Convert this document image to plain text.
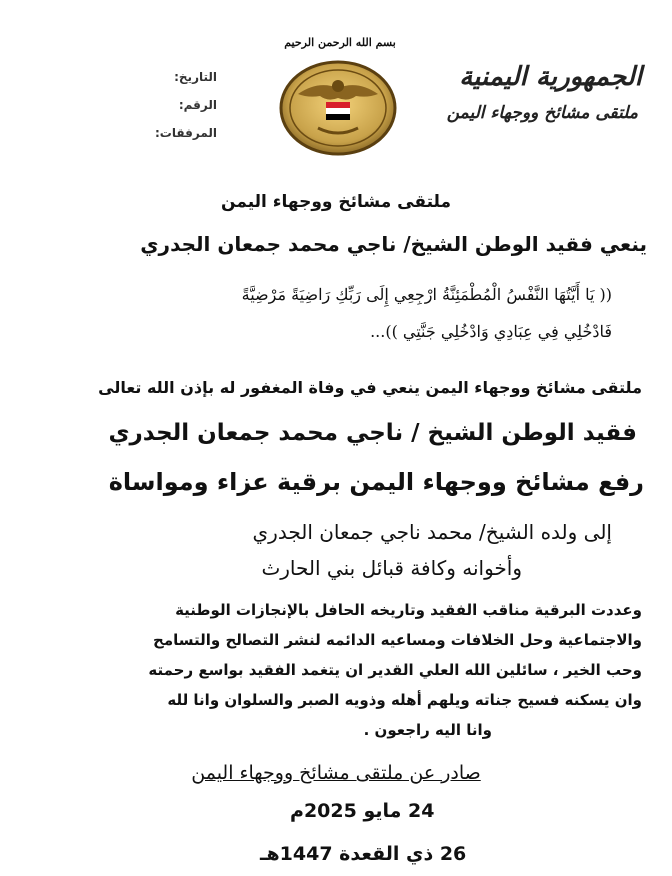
بسم الله الرحمن الرحيم
الجمهورية اليمنية
ملتقى مشائخ ووجهاء اليمن
التاريخ:
الرقم:
المرفقات:
ملتقى مشائخ ووجهاء اليمن
ينعي فقيد الوطن الشيخ/ ناجي محمد جمعان الجدري
(( يَا أَيَّتُهَا النَّفْسُ الْمُطْمَئِنَّةُ ارْجِعِي إِلَى رَبِّكِ رَاضِيَةً مَرْضِيَّةً
فَادْخُلِي فِي عِبَادِي وَادْخُلِي جَنَّتِي ))...
ملتقى مشائخ ووجهاء اليمن ينعي في وفاة المغفور له بإذن الله تعالى
فقيد الوطن الشيخ / ناجي محمد جمعان الجدري
رفع مشائخ ووجهاء اليمن برقية عزاء ومواساة
إلى ولده الشيخ/ محمد ناجي جمعان الجدري
وأخوانه وكافة قبائل بني الحارث
وعددت البرقية مناقب الفقيد وتاريخه الحافل بالإنجازات الوطنية
والاجتماعية وحل الخلافات ومساعيه الدائمه لنشر التصالح والتسامح
وحب الخير ، سائلين الله العلي القدير ان يتغمد الفقيد بواسع رحمته
وان يسكنه فسيح جناته ويلهم أهله وذويه الصبر والسلوان وانا لله
وانا اليه راجعون .
صادر عن ملتقى مشائخ ووجهاء اليمن
24 مايو 2025م
26 ذي القعدة 1447هـ
